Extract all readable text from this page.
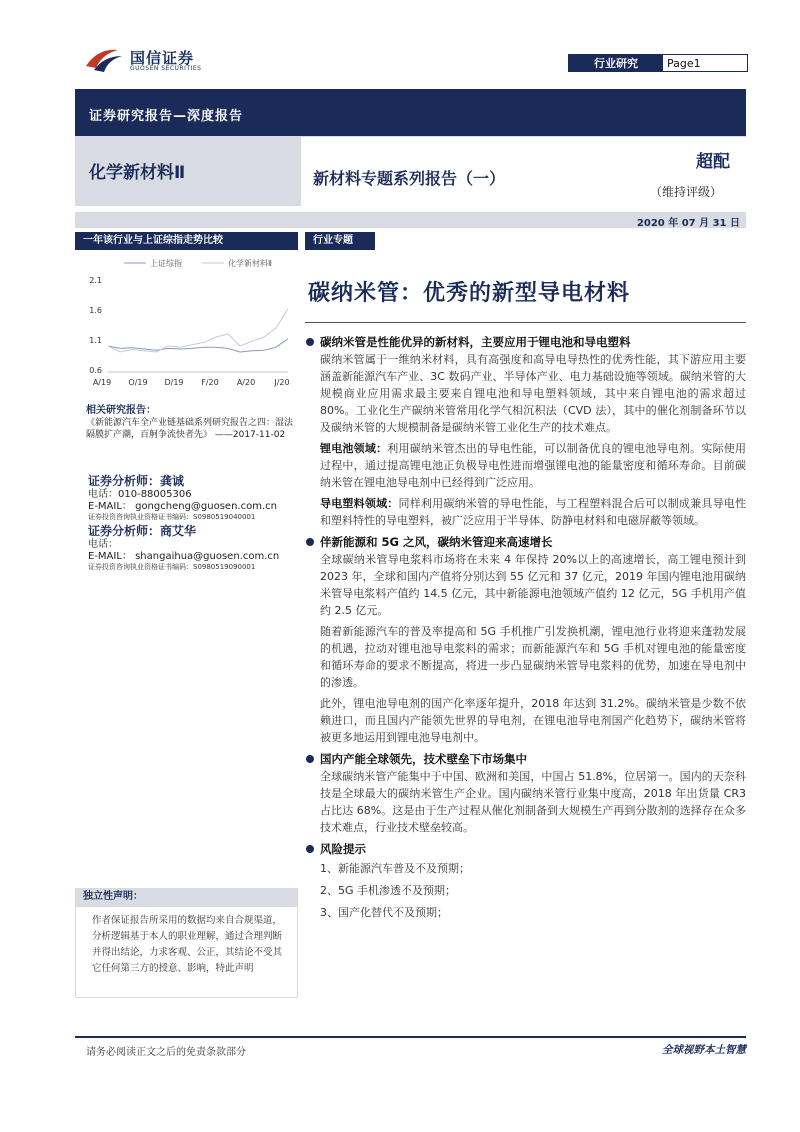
国信证券
GUOSEN SECURITIES	行业研究	Page1
证券研究报告—深度报告
化学新材料Ⅱ	新材料专题系列报告（一）
超配
（维持评级）
2020 年 07 月 31 日
一年该行业与上证综指走势比较
上证综指	化学新材料Ⅱ
0.6
1.1
1.6
2.1
A/19 O/19 D/19 F/20 A/20 J/20
相关研究报告：
《新能源汽车全产业链基础系列研究报告之四：湿法隔膜扩产潮，百舸争流快者先》 ——2017-11-02
证券分析师：龚诚
电话：010-88005306
E-MAIL： gongcheng@guosen.com.cn
证券投资咨询执业资格证书编码：S0980519040001
证券分析师：商艾华
电话：
E-MAIL： shangaihua@guosen.com.cn
证券投资咨询执业资格证书编码：S0980519090001
独立性声明：
作者保证报告所采用的数据均来自合规渠道，分析逻辑基于本人的职业理解，通过合理判断并得出结论，力求客观、公正，其结论不受其它任何第三方的授意、影响，特此声明
行业专题
碳纳米管：优秀的新型导电材料
碳纳米管是性能优异的新材料，主要应用于锂电池和导电塑料
碳纳米管属于一维纳米材料，具有高强度和高导电导热性的优秀性能，其下游应用主要涵盖新能源汽车产业、3C 数码产业、半导体产业、电力基础设施等领域。碳纳米管的大规模商业应用需求最主要来自锂电池和导电塑料领域，其中来自锂电池的需求超过 80%。工业化生产碳纳米管常用化学气相沉积法（CVD 法），其中的催化剂制备环节以及碳纳米管的大规模制备是碳纳米管工业化生产的技术难点。
锂电池领域：利用碳纳米管杰出的导电性能，可以制备优良的锂电池导电剂。实际使用过程中，通过提高锂电池正负极导电性进而增强锂电池的能量密度和循环寿命。目前碳纳米管在锂电池导电剂中已经得到广泛应用。
导电塑料领域：同样利用碳纳米管的导电性能，与工程塑料混合后可以制成兼具导电性和塑料特性的导电塑料，被广泛应用于半导体、防静电材料和电磁屏蔽等领域。
伴新能源和 5G 之风，碳纳米管迎来高速增长
全球碳纳米管导电浆料市场将在未来 4 年保持 20%以上的高速增长，高工锂电预计到 2023 年，全球和国内产值将分别达到 55 亿元和 37 亿元，2019 年国内锂电池用碳纳米管导电浆料产值约 14.5 亿元，其中新能源电池领域产值约 12 亿元，5G 手机用产值约 2.5 亿元。
随着新能源汽车的普及率提高和 5G 手机推广引发换机潮，锂电池行业将迎来蓬勃发展的机遇，拉动对锂电池导电浆料的需求；而新能源汽车和 5G 手机对锂电池的能量密度和循环寿命的要求不断提高，将进一步凸显碳纳米管导电浆料的优势，加速在导电剂中的渗透。
此外，锂电池导电剂的国产化率逐年提升，2018 年达到 31.2%。碳纳米管是少数不依赖进口，而且国内产能领先世界的导电剂，在锂电池导电剂国产化趋势下，碳纳米管将被更多地运用到锂电池导电剂中。
国内产能全球领先，技术壁垒下市场集中
全球碳纳米管产能集中于中国、欧洲和美国，中国占 51.8%，位居第一。国内的天奈科技是全球最大的碳纳米管生产企业。国内碳纳米管行业集中度高，2018 年出货量 CR3 占比达 68%。这是由于生产过程从催化剂制备到大规模生产再到分散剂的选择存在众多技术难点，行业技术壁垒较高。
风险提示
1、新能源汽车普及不及预期；
2、5G 手机渗透不及预期；
3、国产化替代不及预期；
请务必阅读正文之后的免责条款部分	全球视野本土智慧
